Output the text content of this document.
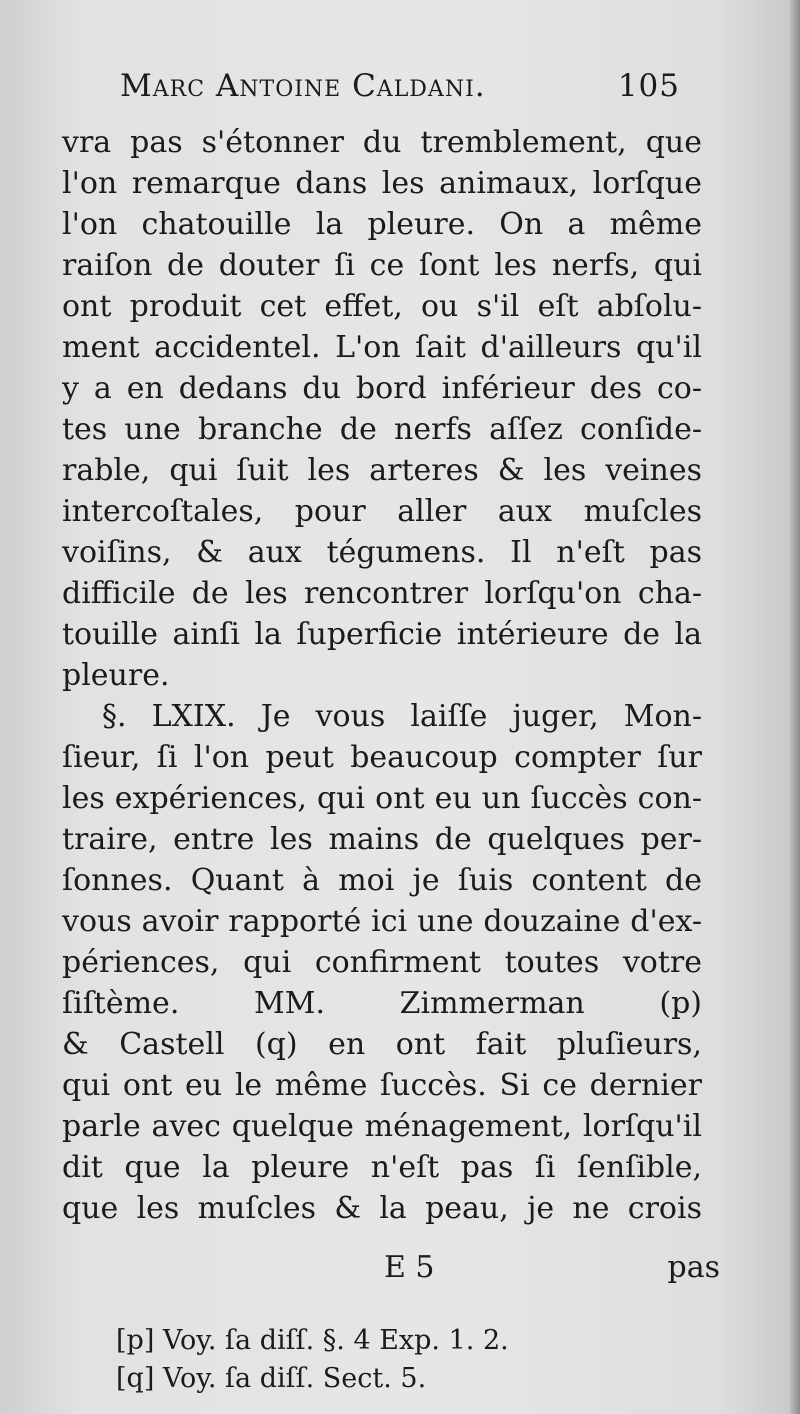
Marc Antoine Caldani.	105
vra pas s'étonner du tremblement, que
l'on remarque dans les animaux, lorſque
l'on chatouille la pleure. On a même
raiſon de douter ſi ce ſont les nerfs, qui
ont produit cet effet, ou s'il eſt abſolu-
ment accidentel. L'on ſait d'ailleurs qu'il
y a en dedans du bord inférieur des co-
tes une branche de nerfs aſſez conſide-
rable, qui ſuit les arteres & les veines
intercoſtales, pour aller aux muſcles
voiſins, & aux tégumens. Il n'eſt pas
difficile de les rencontrer lorſqu'on cha-
touille ainſi la ſuperficie intérieure de la
pleure.
§. LXIX. Je vous laiſſe juger, Mon-
ſieur, ſi l'on peut beaucoup compter ſur
les expériences, qui ont eu un ſuccès con-
traire, entre les mains de quelques per-
ſonnes. Quant à moi je ſuis content de
vous avoir rapporté ici une douzaine d'ex-
périences, qui confirment toutes votre
ſiſtème. MM. Zimmerman (p)
& Castell (q) en ont fait pluſieurs,
qui ont eu le même ſuccès. Si ce dernier
parle avec quelque ménagement, lorſqu'il
dit que la pleure n'eſt pas ſi ſenſible,
que les muſcles & la peau, je ne crois
E 5	pas
[p] Voy. ſa diſſ. §. 4 Exp. 1. 2.
[q] Voy. ſa diſſ. Sect. 5.
